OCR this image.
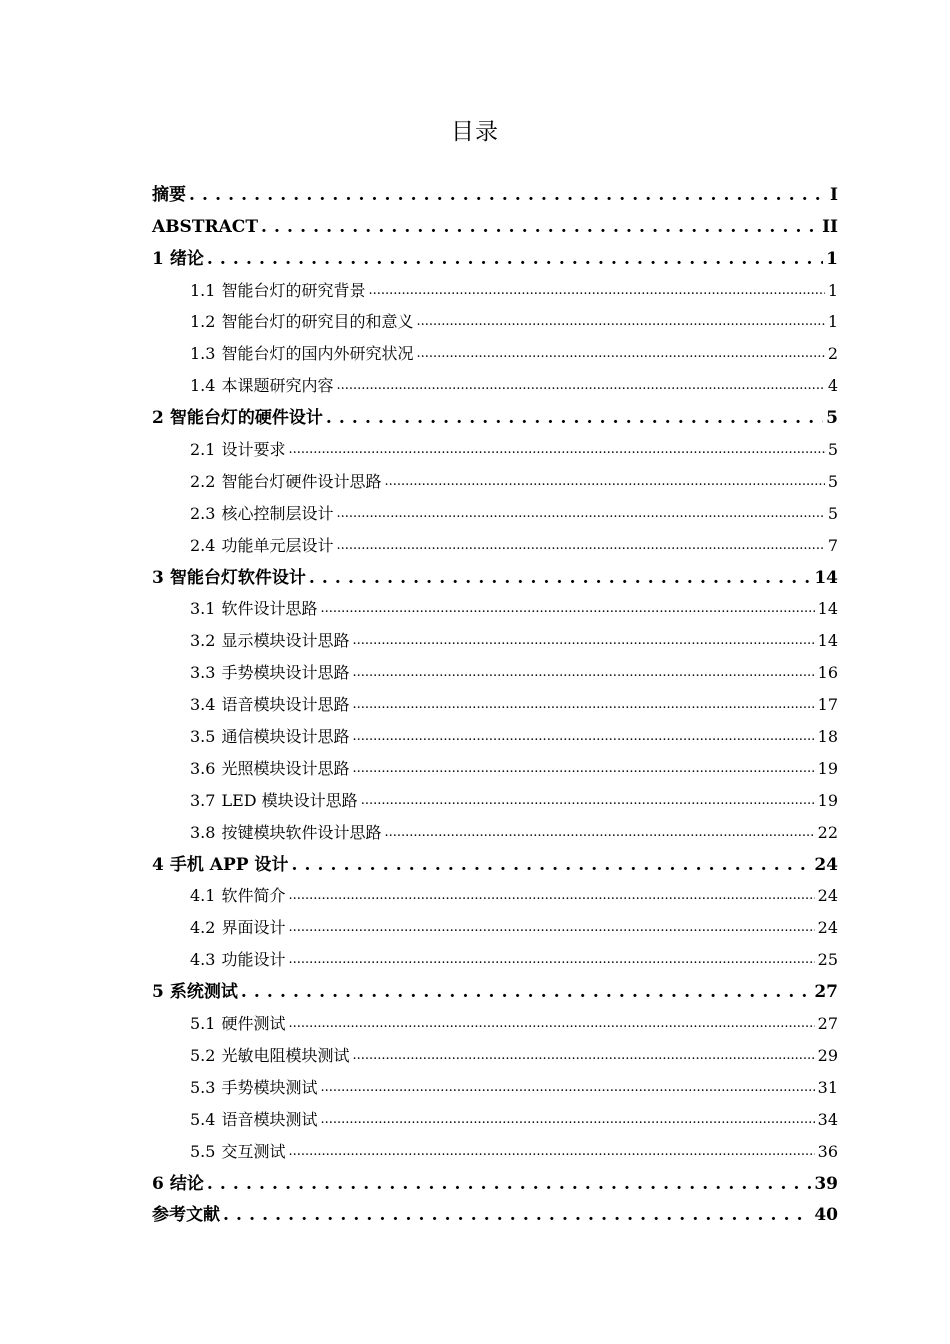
目录
摘要 . . .	I
ABSTRACT . . .	II
1 绪论 . . .	1
1.1 智能台灯的研究背景 .....	1
1.2 智能台灯的研究目的和意义 .....	1
1.3 智能台灯的国内外研究状况 .....	2
1.4 本课题研究内容 .....	4
2 智能台灯的硬件设计 . . .	5
2.1 设计要求 .....	5
2.2 智能台灯硬件设计思路 .....	5
2.3 核心控制层设计 .....	5
2.4 功能单元层设计 .....	7
3 智能台灯软件设计 . . .	14
3.1 软件设计思路 .....	14
3.2 显示模块设计思路 .....	14
3.3 手势模块设计思路 .....	16
3.4 语音模块设计思路 .....	17
3.5 通信模块设计思路 .....	18
3.6 光照模块设计思路 .....	19
3.7 LED 模块设计思路 .....	19
3.8 按键模块软件设计思路 .....	22
4 手机 APP 设计 . . .	24
4.1 软件简介 .....	24
4.2 界面设计 .....	24
4.3 功能设计 .....	25
5 系统测试 . . .	27
5.1 硬件测试 .....	27
5.2 光敏电阻模块测试 .....	29
5.3 手势模块测试 .....	31
5.4 语音模块测试 .....	34
5.5 交互测试 .....	36
6 结论 . . .	39
参考文献 . . .	40
